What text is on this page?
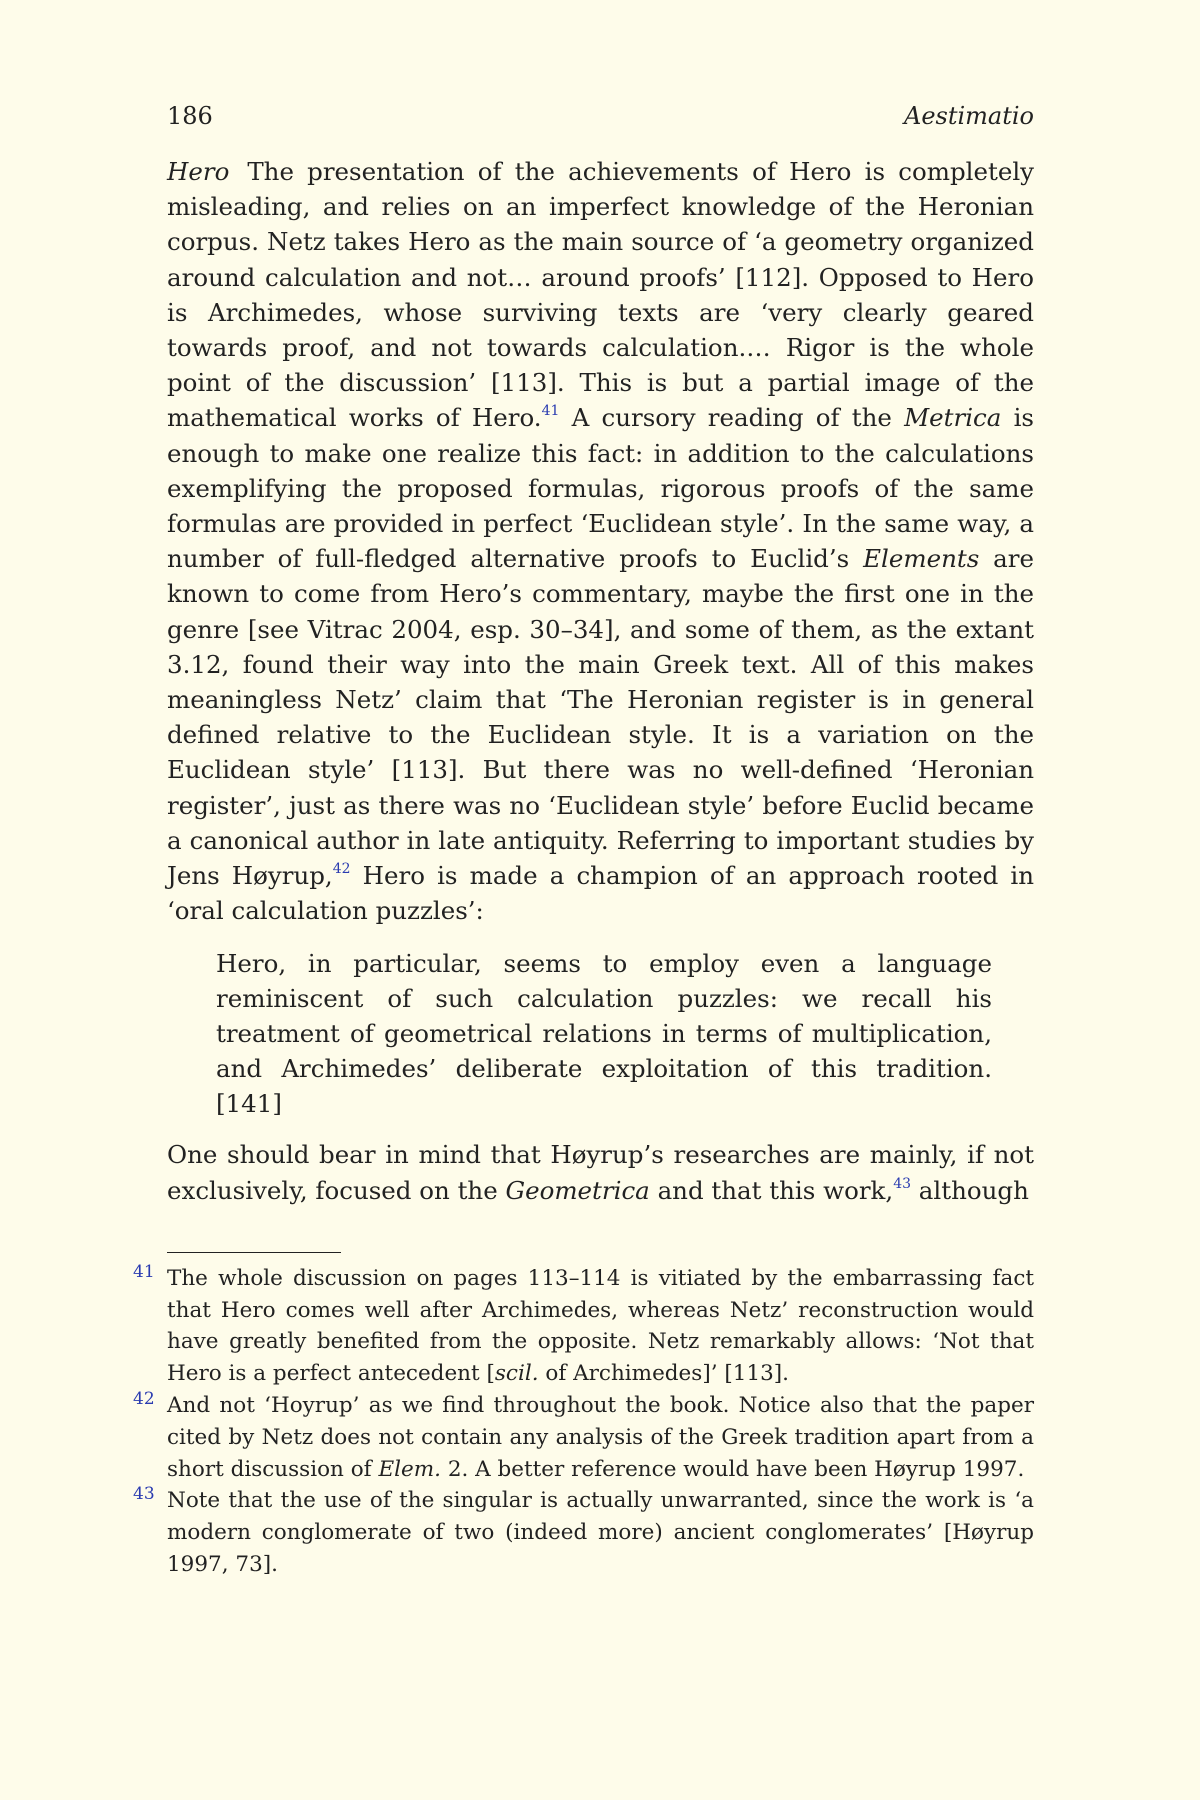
186	Aestimatio

Hero The presentation of the achievements of Hero is completely misleading, and relies on an imperfect knowledge of the Heronian corpus. Netz takes Hero as the main source of ‘a geometry organized around calculation and not… around proofs’ [112]. Opposed to Hero is Archimedes, whose surviving texts are ‘very clearly geared towards proof, and not towards calculation.… Rigor is the whole point of the discussion’ [113]. This is but a partial image of the mathematical works of Hero.$^{41}$ A cursory reading of the Metrica is enough to make one realize this fact: in addition to the calculations exemplifying the proposed formulas, rigorous proofs of the same formulas are provided in perfect ‘Euclidean style’. In the same way, a number of full-fledged alternative proofs to Euclid’s Elements are known to come from Hero’s commentary, maybe the first one in the genre [see Vitrac 2004, esp. 30–34], and some of them, as the extant 3.12, found their way into the main Greek text. All of this makes meaningless Netz’ claim that ‘The Heronian register is in general defined relative to the Euclidean style. It is a variation on the Euclidean style’ [113]. But there was no well-defined ‘Heronian register’, just as there was no ‘Euclidean style’ before Euclid became a canonical author in late antiquity. Referring to important studies by Jens Høyrup,$^{42}$ Hero is made a champion of an approach rooted in ‘oral calculation puzzles’:

Hero, in particular, seems to employ even a language reminiscent of such calculation puzzles: we recall his treatment of geometrical relations in terms of multiplication, and Archimedes’ deliberate exploitation of this tradition. [141]

One should bear in mind that Høyrup’s researches are mainly, if not exclusively, focused on the Geometrica and that this work,$^{43}$ although

41 The whole discussion on pages 113–114 is vitiated by the embarrassing fact that Hero comes well after Archimedes, whereas Netz’ reconstruction would have greatly benefited from the opposite. Netz remarkably allows: ‘Not that Hero is a perfect antecedent [scil. of Archimedes]’ [113].

42 And not ‘Hoyrup’ as we find throughout the book. Notice also that the paper cited by Netz does not contain any analysis of the Greek tradition apart from a short discussion of Elem. 2. A better reference would have been Høyrup 1997.

43 Note that the use of the singular is actually unwarranted, since the work is ‘a modern conglomerate of two (indeed more) ancient conglomerates’ [Høyrup 1997, 73].
